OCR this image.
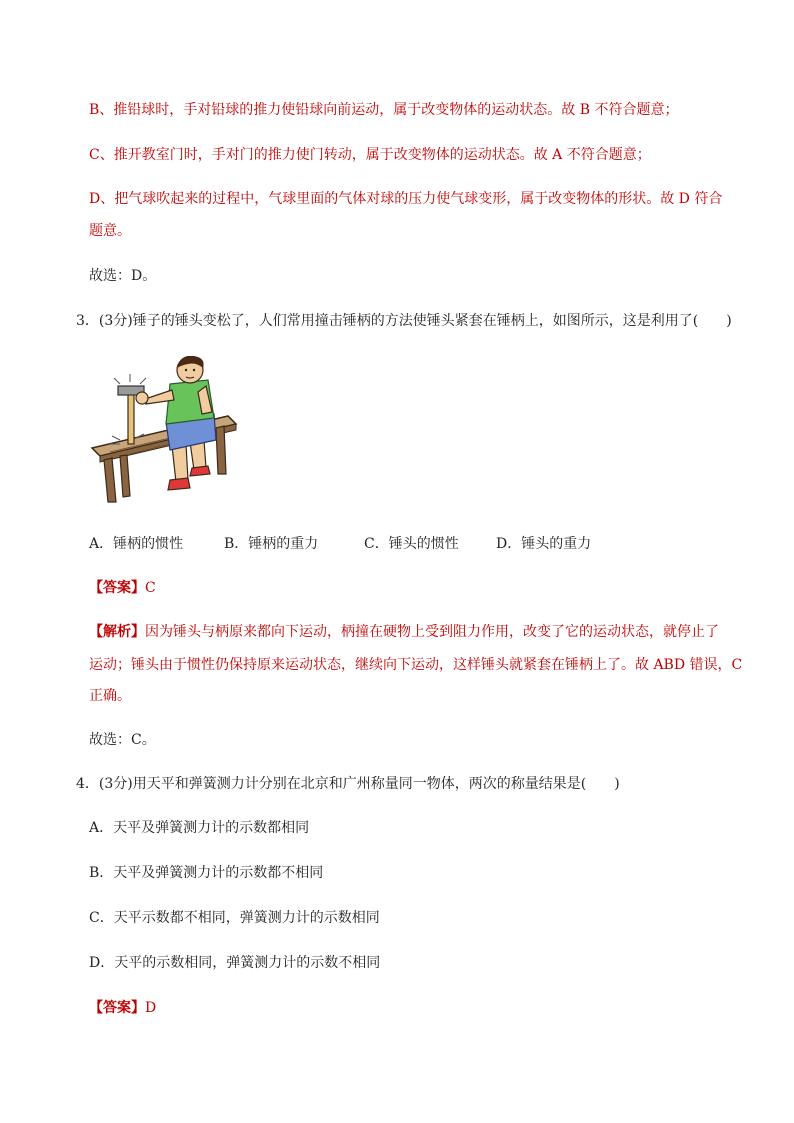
B、推铅球时，手对铅球的推力使铅球向前运动，属于改变物体的运动状态。故 B 不符合题意；
C、推开教室门时，手对门的推力使门转动，属于改变物体的运动状态。故 A 不符合题意；
D、把气球吹起来的过程中，气球里面的气体对球的压力使气球变形，属于改变物体的形状。故 D 符合
题意。
故选：D。
3．(3分)锤子的锤头变松了，人们常用撞击锤柄的方法使锤头紧套在锤柄上，如图所示，这是利用了(　　)
A．锤柄的惯性	B．锤柄的重力	C．锤头的惯性	D．锤头的重力
【答案】C
【解析】因为锤头与柄原来都向下运动，柄撞在硬物上受到阻力作用，改变了它的运动状态，就停止了
运动；锤头由于惯性仍保持原来运动状态，继续向下运动，这样锤头就紧套在锤柄上了。故 ABD 错误，C
正确。
故选：C。
4．(3分)用天平和弹簧测力计分别在北京和广州称量同一物体，两次的称量结果是(　　)
A．天平及弹簧测力计的示数都相同
B．天平及弹簧测力计的示数都不相同
C．天平示数都不相同，弹簧测力计的示数相同
D．天平的示数相同，弹簧测力计的示数不相同
【答案】D
